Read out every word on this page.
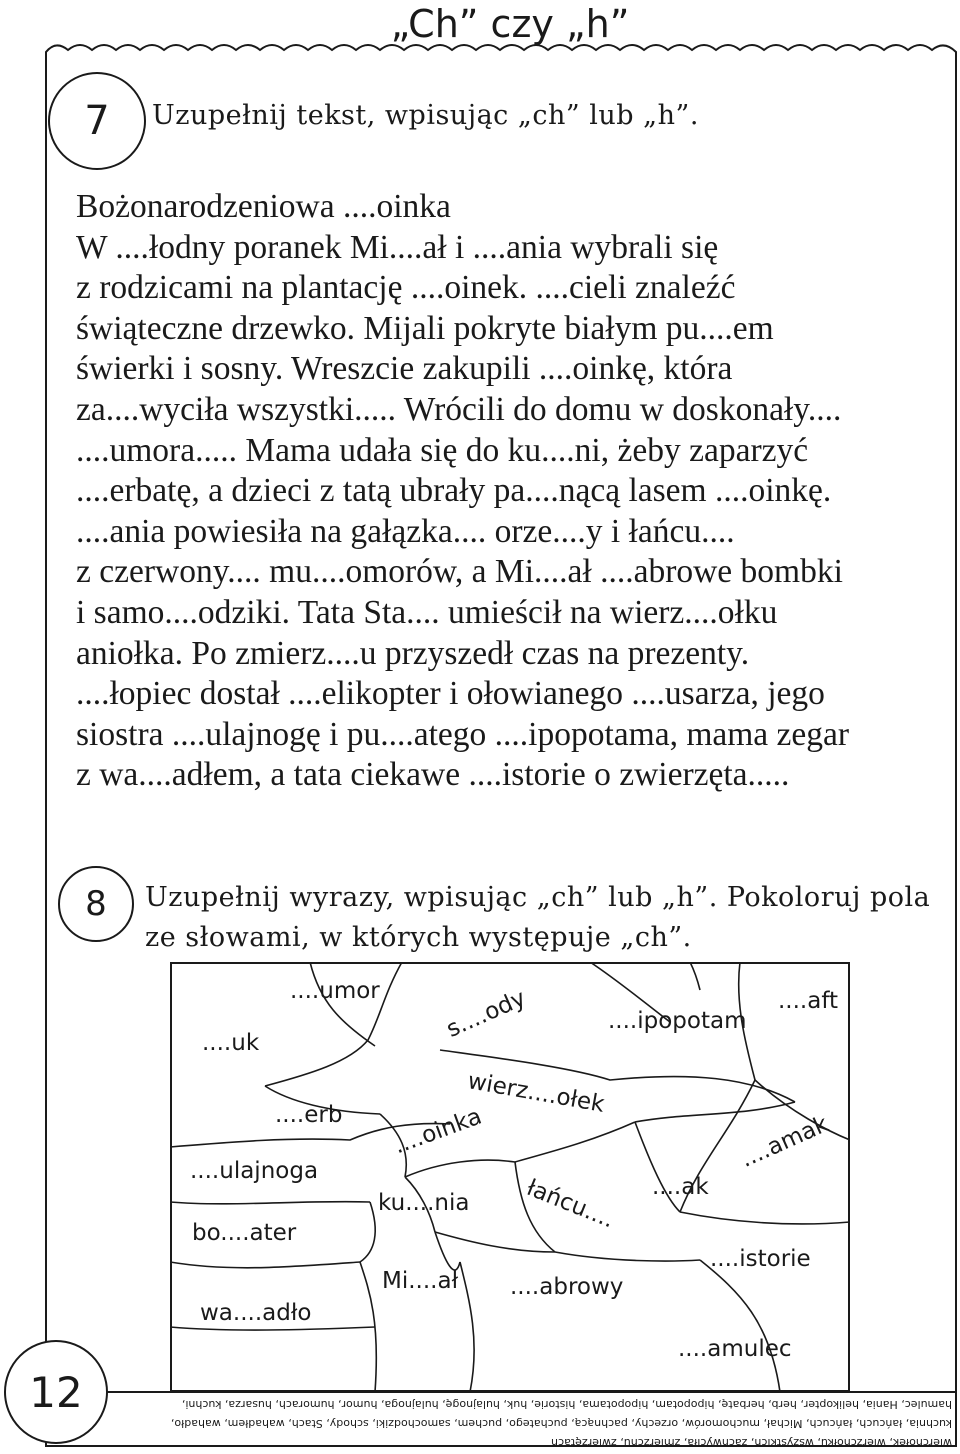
„Ch” czy „h”
7	Uzupełnij tekst, wpisując „ch” lub „h”.
Bożonarodzeniowa ....oinka
W ....łodny poranek Mi....ał i ....ania wybrali się
z rodzicami na plantację ....oinek. ....cieli znaleźć
świąteczne drzewko. Mijali pokryte białym pu....em
świerki i sosny. Wreszcie zakupili ....oinkę, która
za....wyciła wszystki..... Wrócili do domu w doskonały....
....umora..... Mama udała się do ku....ni, żeby zaparzyć
....erbatę, a dzieci z tatą ubrały pa....nącą lasem ....oinkę.
....ania powiesiła na gałązka.... orze....y i łańcu....
z czerwony.... mu....omorów, a Mi....ał ....abrowe bombki
i samo....odziki. Tata Sta.... umieścił na wierz....ołku
aniołka. Po zmierz....u przyszedł czas na prezenty.
....łopiec dostał ....elikopter i ołowianego ....usarza, jego
siostra ....ulajnogę i pu....atego ....ipopotama, mama zegar
z wa....adłem, a tata ciekawe ....istorie o zwierzęta.....
8	Uzupełnij wyrazy, wpisując „ch” lub „h”. Pokoloruj pola ze słowami, w których występuje „ch”.
....umor	s....ody	....aft
....uk
....ipopotam
wierz....ołek
....erb ....oinka	....amak
....ulajnoga
łańcu.... ....ak
ku....nia
bo....ater
....istorie
Mi....ał ....abrowy
wa....adło
....amulec
12
wierchołek, wierzchołku, wszystkich, zachwyciła, zmierzchu, zwierzętach
kuchnia, łańcuch, łańcuch, Michał, muchomorów, orzechy, pachnącą, puchatego, puchem, samochodziki, schody, Stach, wahadłem, wahadło,
hamulec, Hania, helikopter, herb, herbatę, hipopotam, hipopotama, historie, huk, hulajnogę, hulajnoga, humor, humorach, husarza, kuchni,
